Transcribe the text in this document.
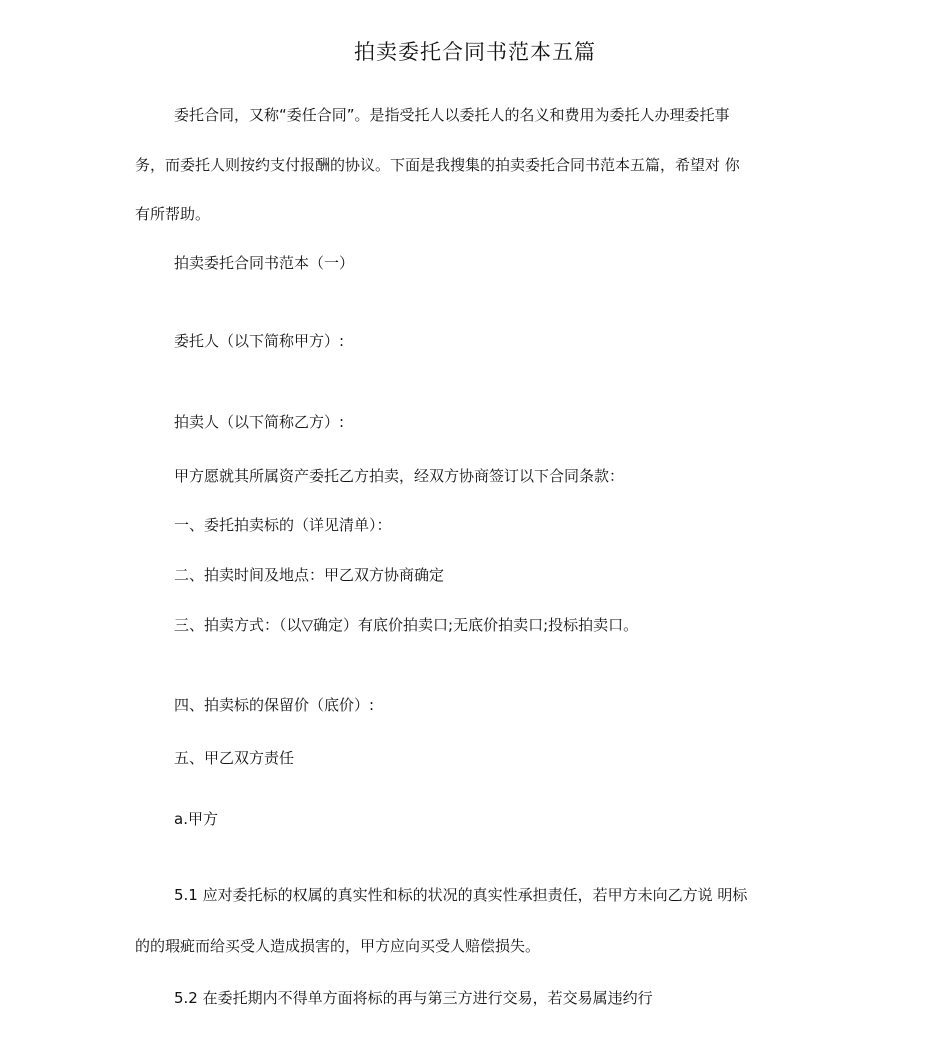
拍卖委托合同书范本五篇

委托合同，又称“委任合同”。是指受托人以委托人的名义和费用为委托人办理委托事

务，而委托人则按约支付报酬的协议。下面是我搜集的拍卖委托合同书范本五篇，希望对 你

有所帮助。

拍卖委托合同书范本（一）

委托人（以下简称甲方）:

拍卖人（以下简称乙方）:

甲方愿就其所属资产委托乙方拍卖，经双方协商签订以下合同条款：

一、委托拍卖标的（详见清单）：

二、拍卖时间及地点：甲乙双方协商确定

三、拍卖方式：（以▽确定）有底价拍卖口;无底价拍卖口;投标拍卖口。

四、拍卖标的保留价（底价）:

五、甲乙双方责任

a.甲方

5.1 应对委托标的权属的真实性和标的状况的真实性承担责任，若甲方未向乙方说 明标

的的瑕疵而给买受人造成损害的，甲方应向买受人赔偿损失。

5.2 在委托期内不得单方面将标的再与第三方进行交易，若交易属违约行
